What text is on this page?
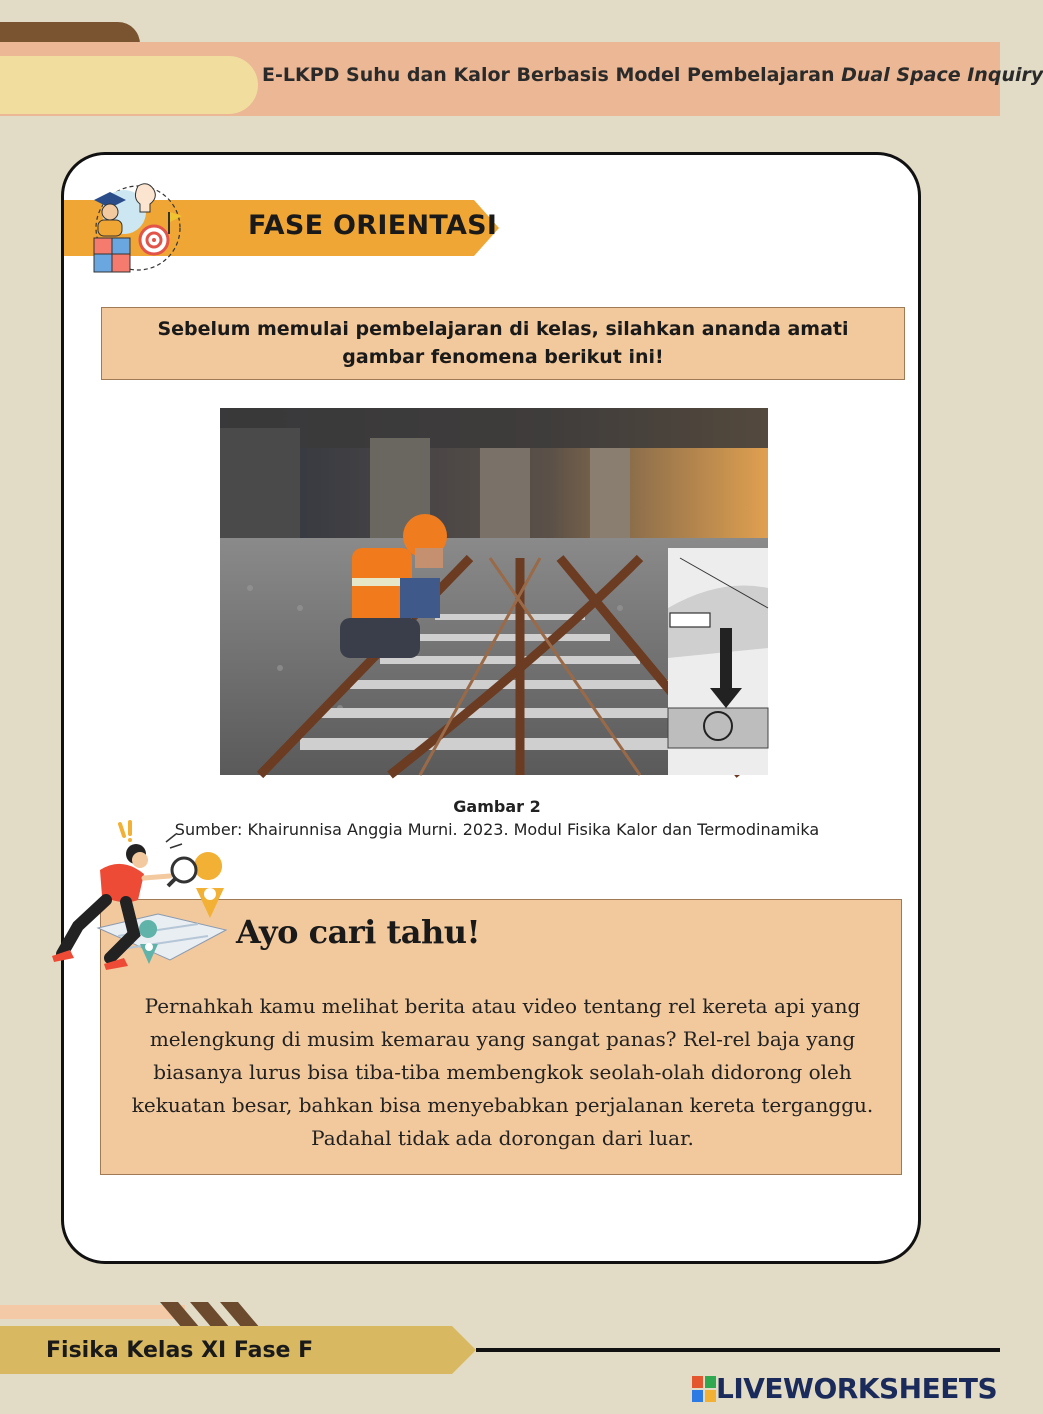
E-LKPD Suhu dan Kalor Berbasis Model Pembelajaran Dual Space Inquiry
FASE ORIENTASI
Sebelum memulai pembelajaran di kelas, silahkan ananda amati gambar fenomena berikut ini!
Gambar 2
Sumber: Khairunnisa Anggia Murni. 2023. Modul Fisika Kalor dan Termodinamika
Ayo cari tahu!
Pernahkah kamu melihat berita atau video tentang rel kereta api yang melengkung di musim kemarau yang sangat panas? Rel-rel baja yang biasanya lurus bisa tiba-tiba membengkok seolah-olah didorong oleh kekuatan besar, bahkan bisa menyebabkan perjalanan kereta terganggu. Padahal tidak ada dorongan dari luar.
Fisika Kelas XI Fase F
LIVEWORKSHEETS
